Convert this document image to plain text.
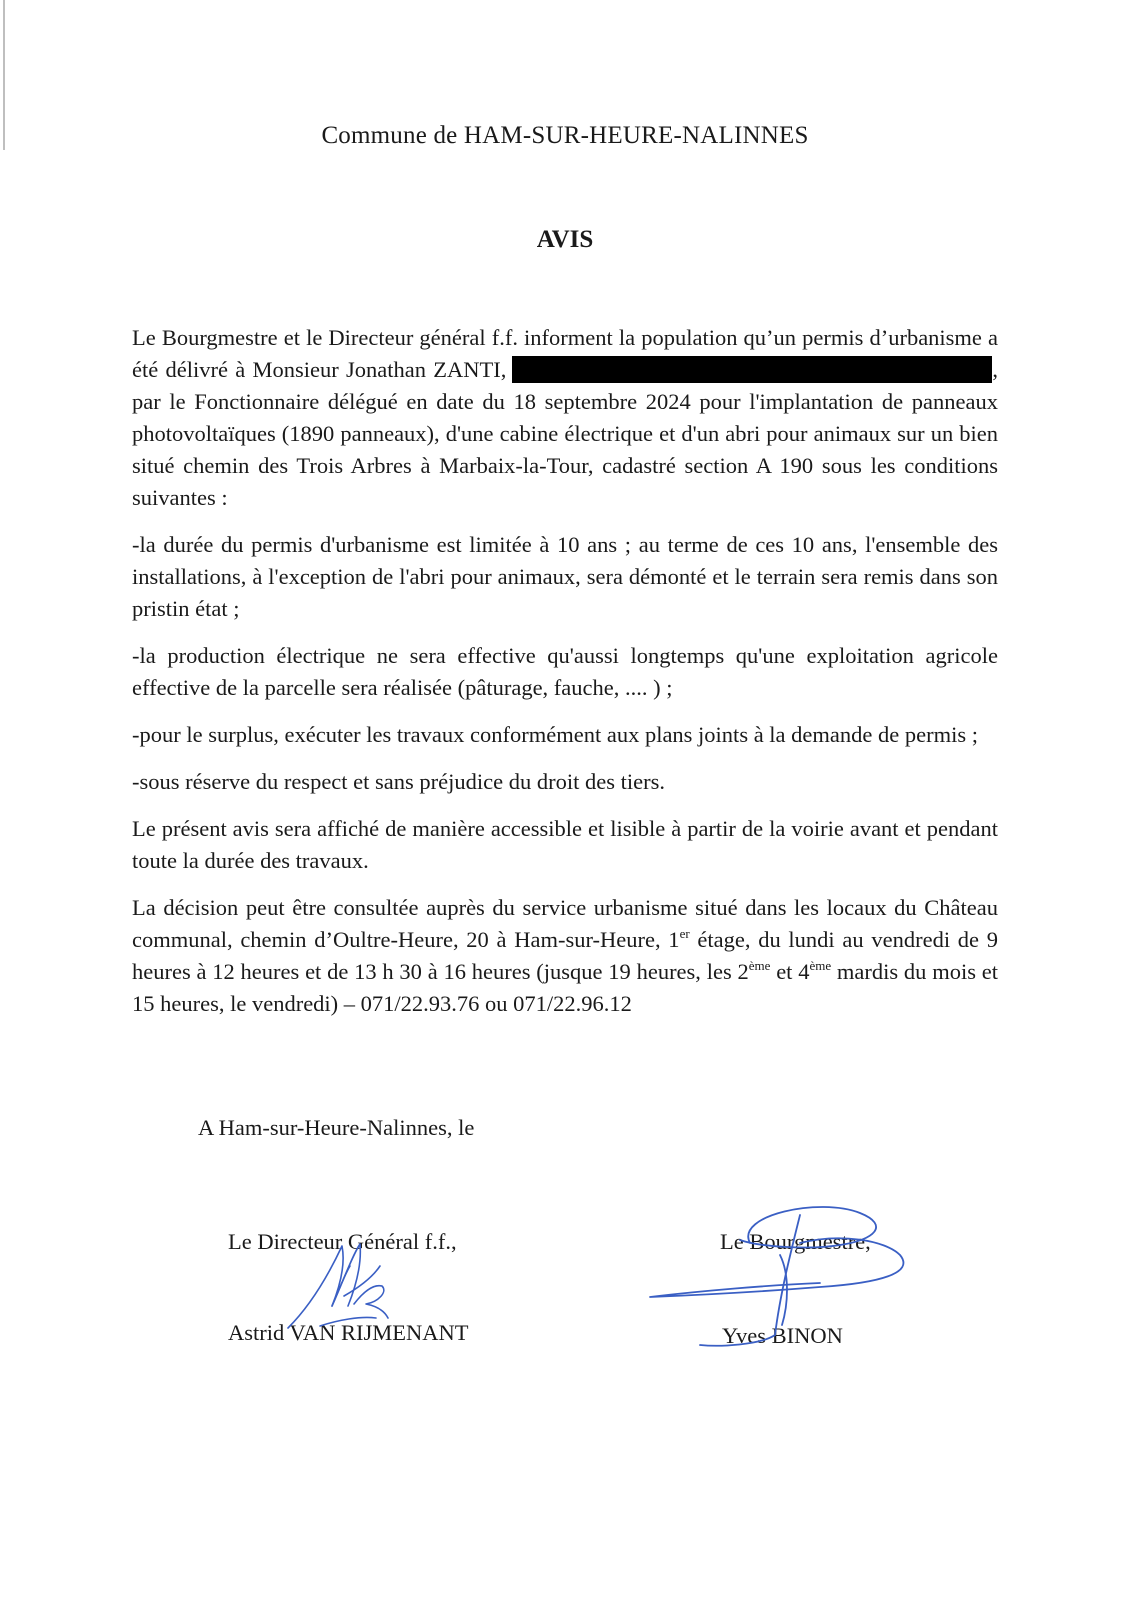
Commune de HAM-SUR-HEURE-NALINNES
AVIS

Le Bourgmestre et le Directeur général f.f. informent la population qu’un permis d’urbanisme a été délivré à Monsieur Jonathan ZANTI,	, par le Fonctionnaire délégué en date du 18 septembre 2024 pour l'implantation de panneaux photovoltaïques (1890 panneaux), d'une cabine électrique et d'un abri pour animaux sur un bien situé chemin des Trois Arbres à Marbaix-la-Tour, cadastré section A 190 sous les conditions suivantes :

-la durée du permis d'urbanisme est limitée à 10 ans ; au terme de ces 10 ans, l'ensemble des installations, à l'exception de l'abri pour animaux, sera démonté et le terrain sera remis dans son pristin état ;

-la production électrique ne sera effective qu'aussi longtemps qu'une exploitation agricole effective de la parcelle sera réalisée (pâturage, fauche, .... ) ;

-pour le surplus, exécuter les travaux conformément aux plans joints à la demande de permis ;

-sous réserve du respect et sans préjudice du droit des tiers.

Le présent avis sera affiché de manière accessible et lisible à partir de la voirie avant et pendant toute la durée des travaux.

La décision peut être consultée auprès du service urbanisme situé dans les locaux du Château communal, chemin d’Oultre-Heure, 20 à Ham-sur-Heure, 1er étage, du lundi au vendredi de 9 heures à 12 heures et de 13 h 30 à 16 heures (jusque 19 heures, les 2ème et 4ème mardis du mois et 15 heures, le vendredi) – 071/22.93.76 ou 071/22.96.12

A Ham-sur-Heure-Nalinnes, le
Le Directeur Général f.f.,
Astrid VAN RIJMENANT
Le Bourgmestre,
Yves BINON
